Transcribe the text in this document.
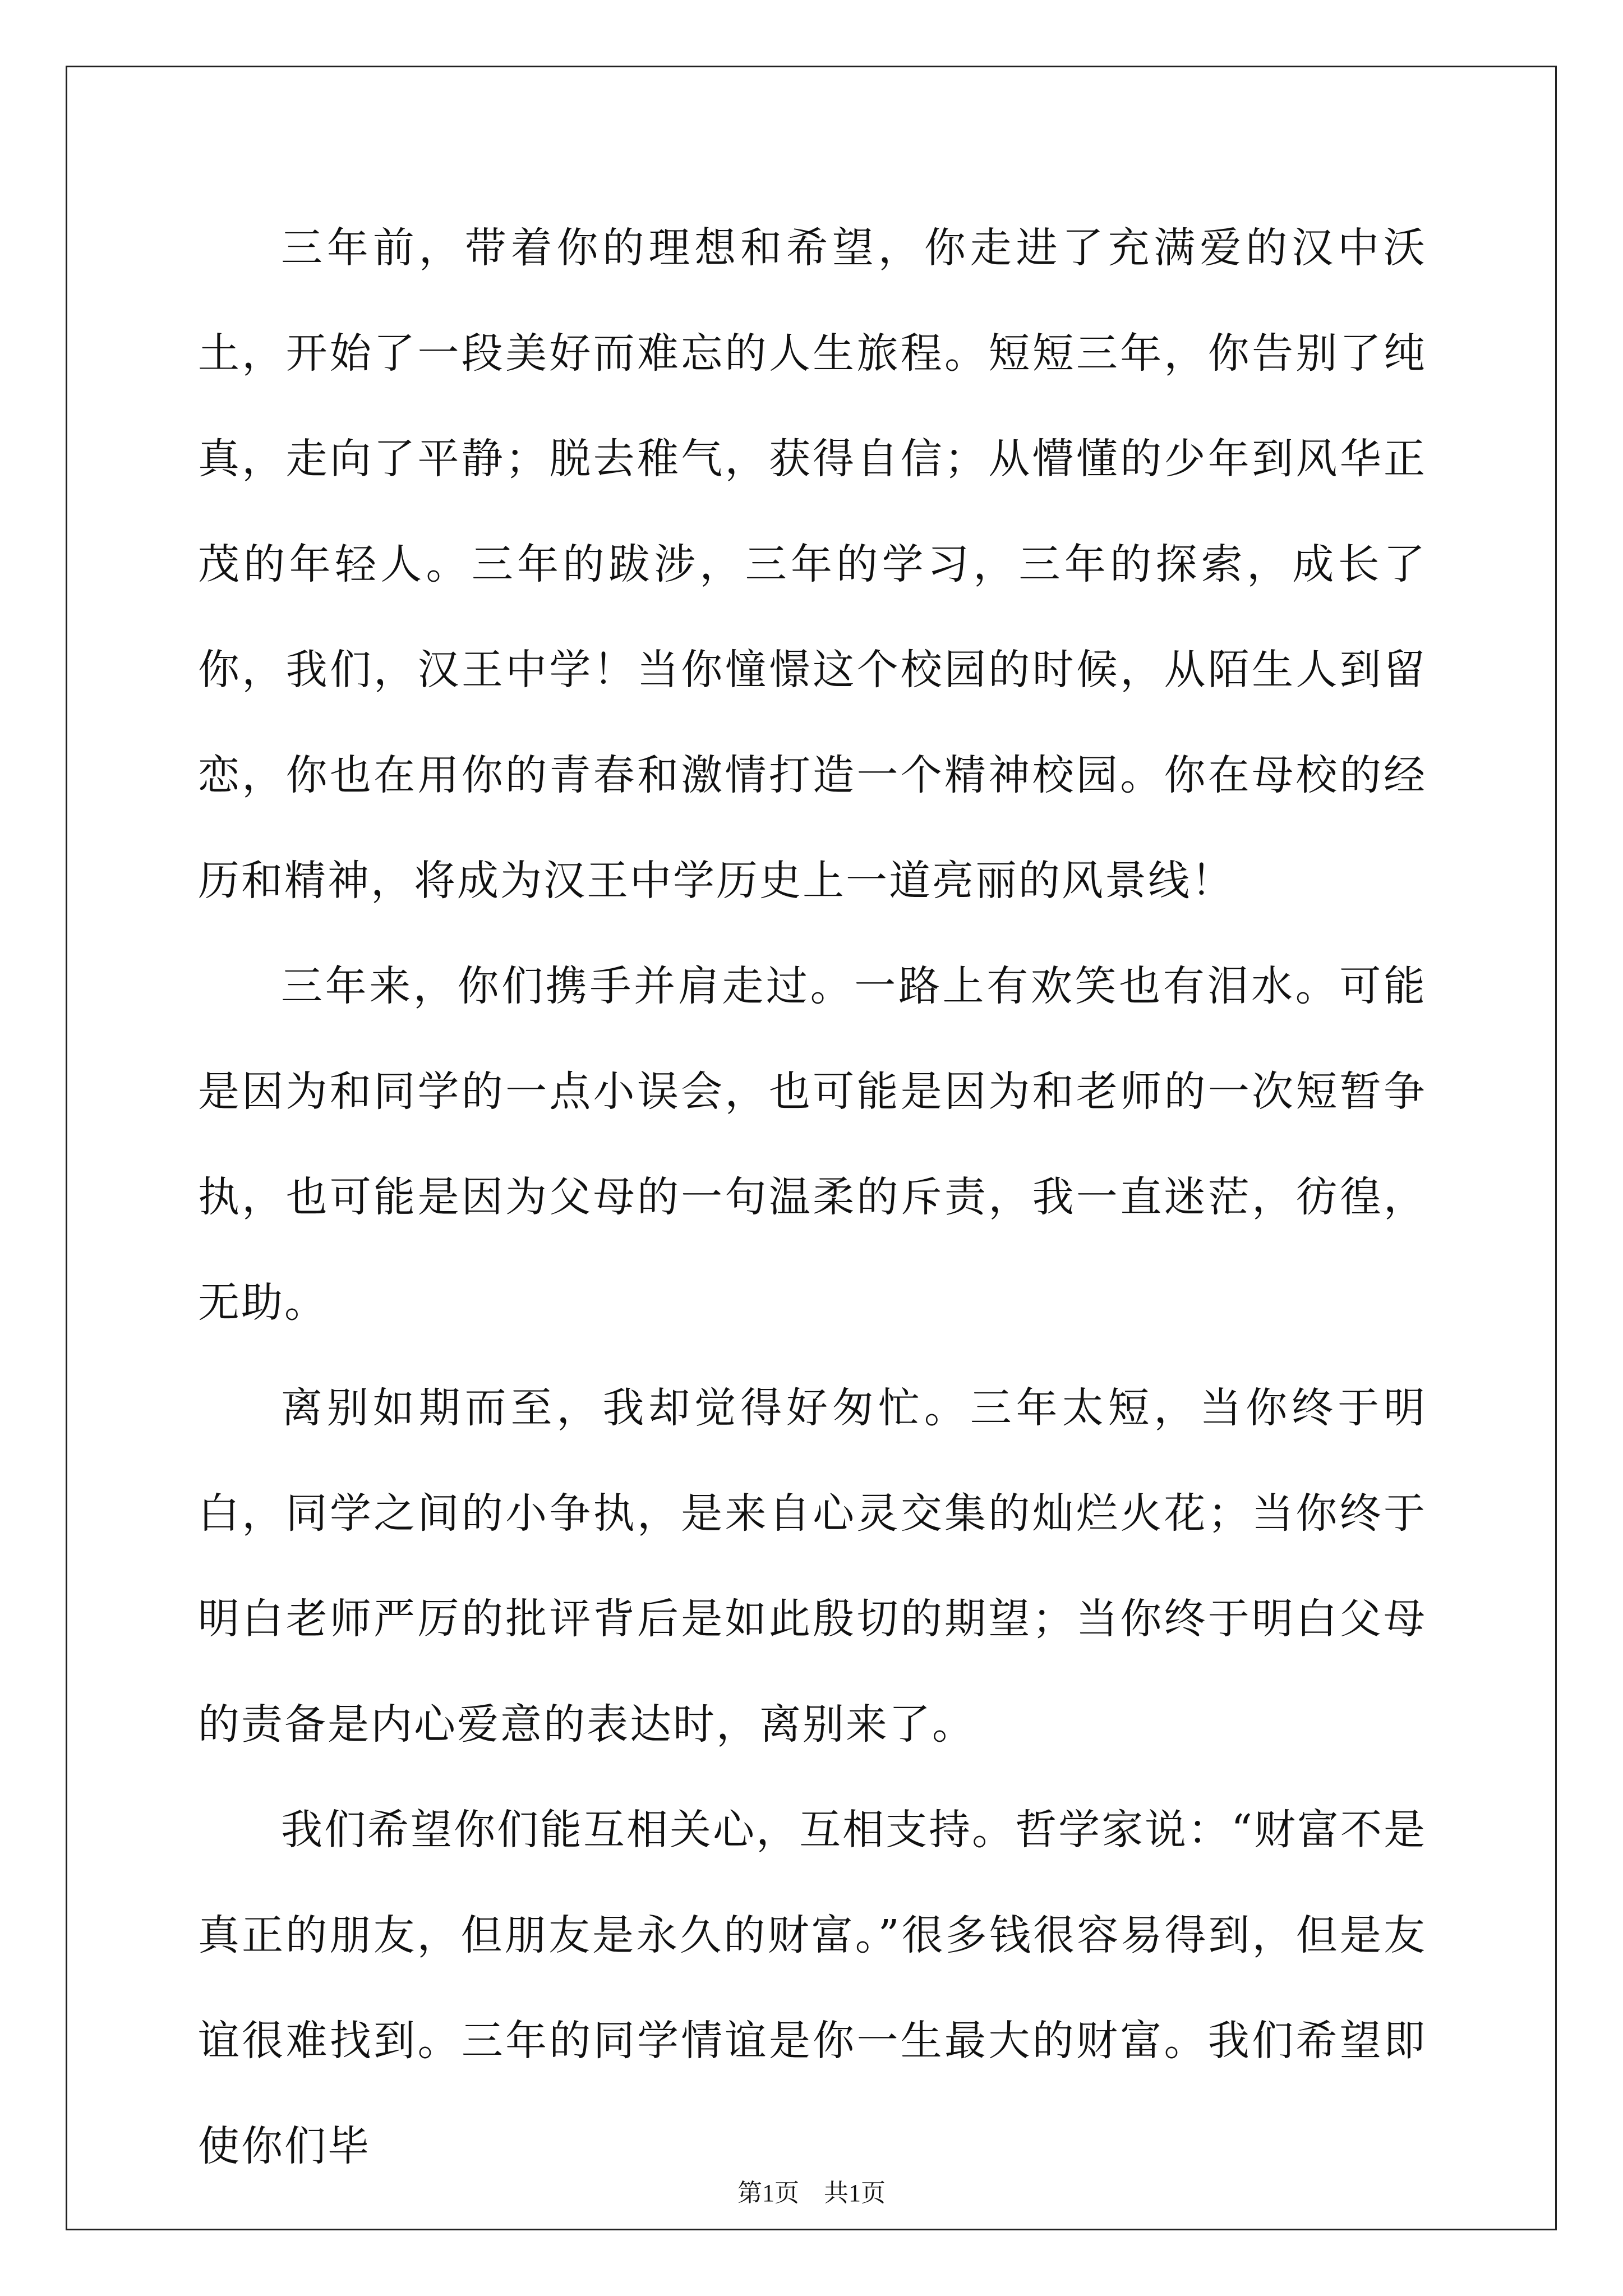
三年前，带着你的理想和希望，你走进了充满爱的汉中沃土，开始了一段美好而难忘的人生旅程。短短三年，你告别了纯真，走向了平静；脱去稚气，获得自信；从懵懂的少年到风华正茂的年轻人。三年的跋涉，三年的学习，三年的探索，成长了你，我们，汉王中学！当你憧憬这个校园的时候，从陌生人到留恋，你也在用你的青春和激情打造一个精神校园。你在母校的经历和精神，将成为汉王中学历史上一道亮丽的风景线！

三年来，你们携手并肩走过。一路上有欢笑也有泪水。可能是因为和同学的一点小误会，也可能是因为和老师的一次短暂争执，也可能是因为父母的一句温柔的斥责，我一直迷茫，彷徨，无助。

离别如期而至，我却觉得好匆忙。三年太短，当你终于明白，同学之间的小争执，是来自心灵交集的灿烂火花；当你终于明白老师严厉的批评背后是如此殷切的期望；当你终于明白父母的责备是内心爱意的表达时，离别来了。

我们希望你们能互相关心，互相支持。哲学家说：“财富不是真正的朋友，但朋友是永久的财富。”很多钱很容易得到，但是友谊很难找到。三年的同学情谊是你一生最大的财富。我们希望即使你们毕

第1页　共1页
